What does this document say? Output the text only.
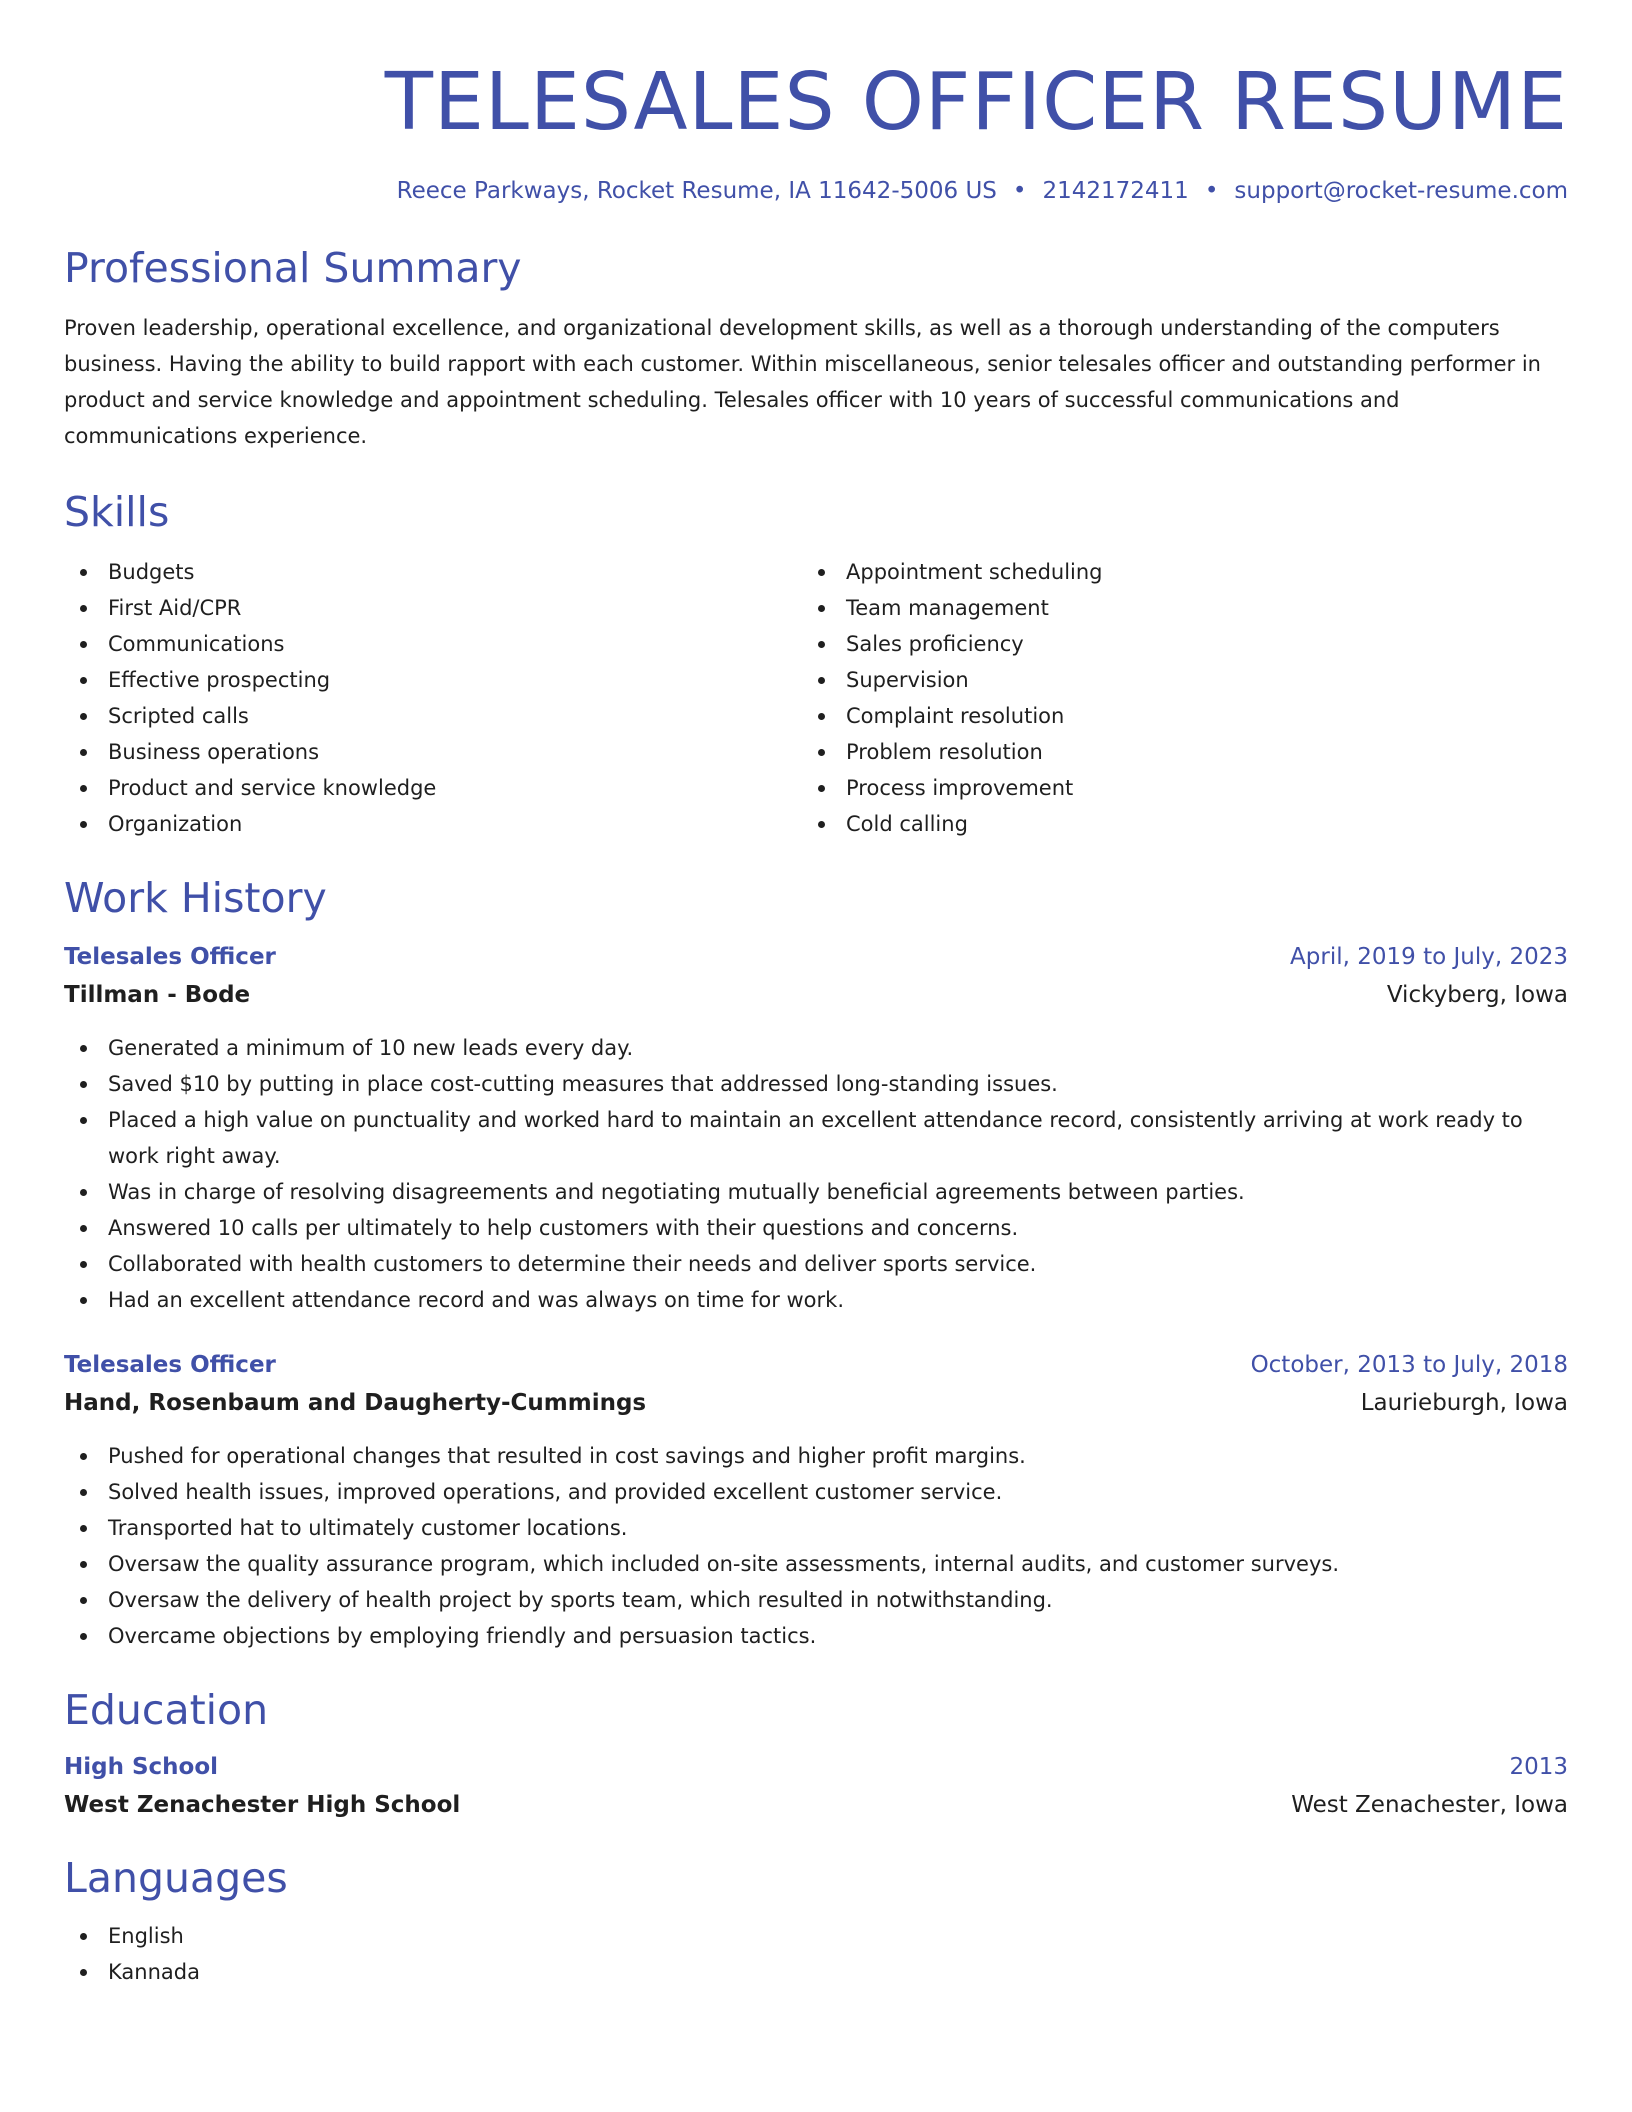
TELESALES OFFICER RESUME
Reece Parkways, Rocket Resume, IA 11642-5006 US • 2142172411 • support@rocket-resume.com
Professional Summary

Proven leadership, operational excellence, and organizational development skills, as well as a thorough understanding of the computers business. Having the ability to build rapport with each customer. Within miscellaneous, senior telesales officer and outstanding performer in product and service knowledge and appointment scheduling. Telesales officer with 10 years of successful communications and communications experience.

Skills
Budgets
First Aid/CPR
Communications
Effective prospecting
Scripted calls
Business operations
Product and service knowledge
Organization
Appointment scheduling
Team management
Sales proficiency
Supervision
Complaint resolution
Problem resolution
Process improvement
Cold calling
Work History
Telesales Officer	April, 2019 to July, 2023
Tillman - Bode	Vickyberg, Iowa
Generated a minimum of 10 new leads every day.
Saved $10 by putting in place cost-cutting measures that addressed long-standing issues.
Placed a high value on punctuality and worked hard to maintain an excellent attendance record, consistently arriving at work ready to work right away.
Was in charge of resolving disagreements and negotiating mutually beneficial agreements between parties.
Answered 10 calls per ultimately to help customers with their questions and concerns.
Collaborated with health customers to determine their needs and deliver sports service.
Had an excellent attendance record and was always on time for work.
Telesales Officer	October, 2013 to July, 2018
Hand, Rosenbaum and Daugherty-Cummings	Laurieburgh, Iowa
Pushed for operational changes that resulted in cost savings and higher profit margins.
Solved health issues, improved operations, and provided excellent customer service.
Transported hat to ultimately customer locations.
Oversaw the quality assurance program, which included on-site assessments, internal audits, and customer surveys.
Oversaw the delivery of health project by sports team, which resulted in notwithstanding.
Overcame objections by employing friendly and persuasion tactics.
Education
High School	2013
West Zenachester High School	West Zenachester, Iowa
Languages
English
Kannada
